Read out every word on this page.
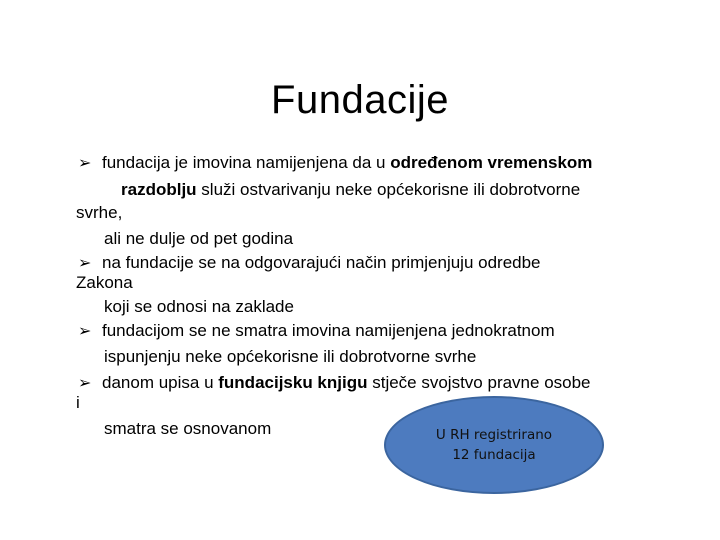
Fundacije
➢ fundacija je imovina namijenjena da u određenom vremenskom
razdoblju služi ostvarivanju neke općekorisne ili dobrotvorne
svrhe,
ali ne dulje od pet godina
➢ na fundacije se na odgovarajući način primjenjuju odredbe
Zakona
koji se odnosi na zaklade
➢ fundacijom se ne smatra imovina namijenjena jednokratnom
ispunjenju neke općekorisne ili dobrotvorne svrhe
➢ danom upisa u fundacijsku knjigu stječe svojstvo pravne osobe
i
smatra se osnovanom	U RH registrirano
12 fundacija
